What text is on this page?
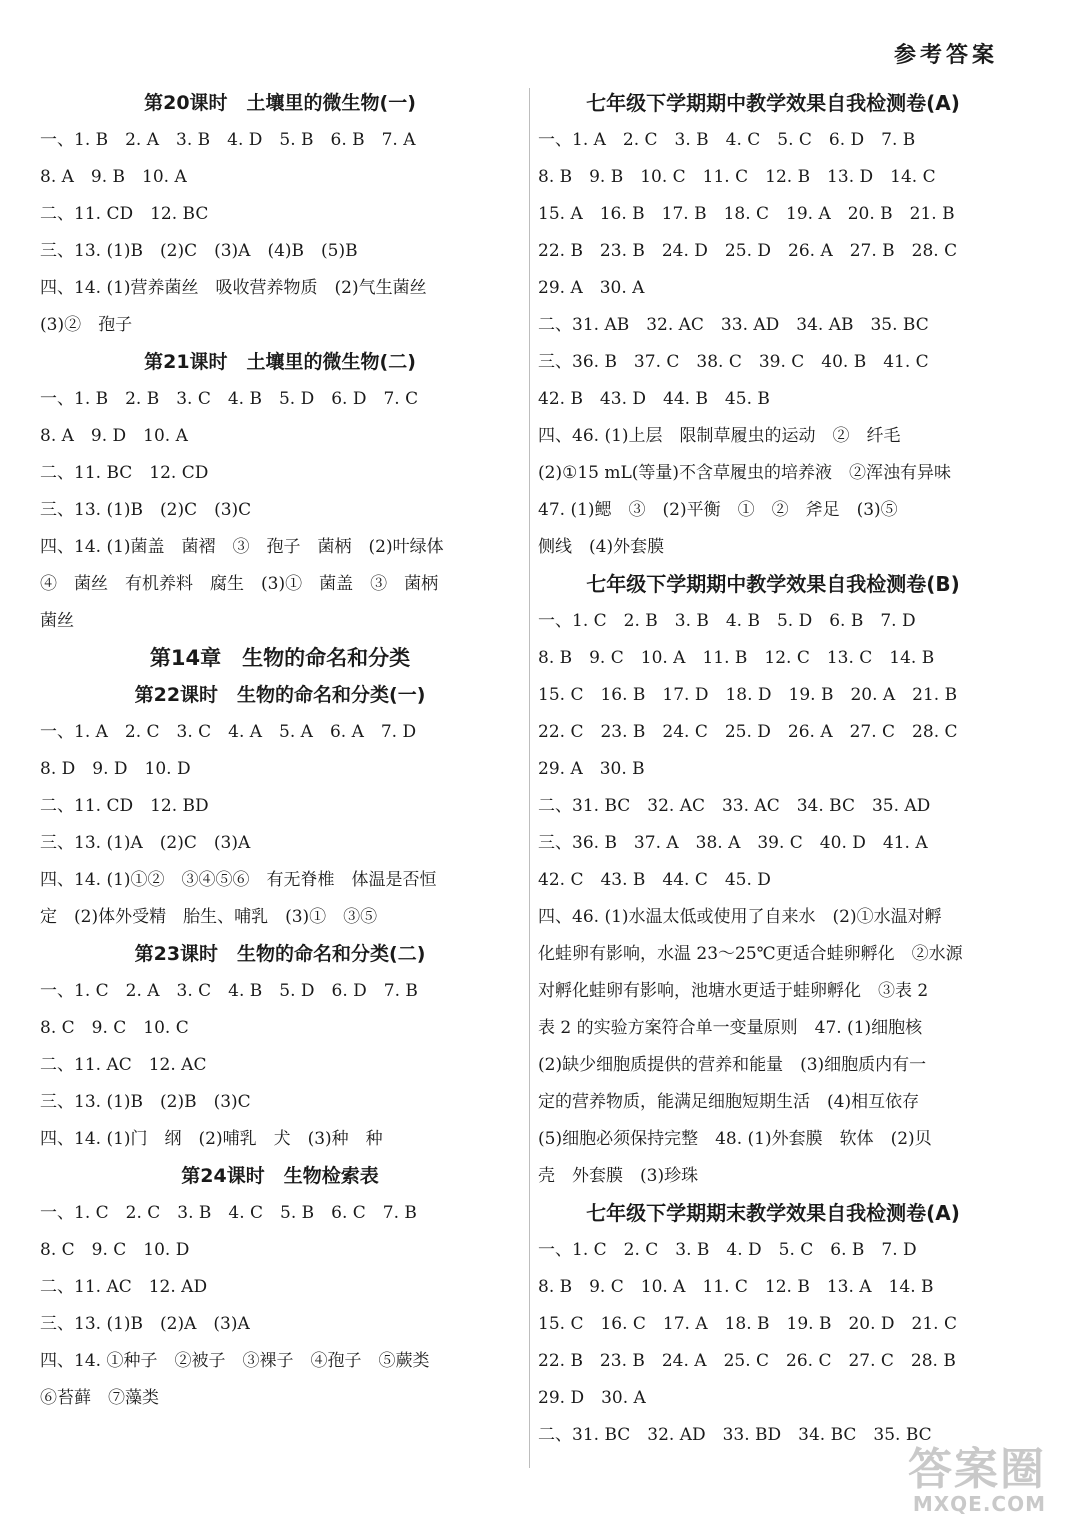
参考答案
第20课时　土壤里的微生物(一)
一、1. B　2. A　3. B　4. D　5. B　6. B　7. A
8. A　9. B　10. A
二、11. CD　12. BC
三、13. (1)B　(2)C　(3)A　(4)B　(5)B
四、14. (1)营养菌丝　吸收营养物质　(2)气生菌丝
(3)②　孢子
第21课时　土壤里的微生物(二)
一、1. B　2. B　3. C　4. B　5. D　6. D　7. C
8. A　9. D　10. A
二、11. BC　12. CD
三、13. (1)B　(2)C　(3)C
四、14. (1)菌盖　菌褶　③　孢子　菌柄　(2)叶绿体
④　菌丝　有机养料　腐生　(3)①　菌盖　③　菌柄
菌丝
第14章　生物的命名和分类
第22课时　生物的命名和分类(一)
一、1. A　2. C　3. C　4. A　5. A　6. A　7. D
8. D　9. D　10. D
二、11. CD　12. BD
三、13. (1)A　(2)C　(3)A
四、14. (1)①②　③④⑤⑥　有无脊椎　体温是否恒
定　(2)体外受精　胎生、哺乳　(3)①　③⑤
第23课时　生物的命名和分类(二)
一、1. C　2. A　3. C　4. B　5. D　6. D　7. B
8. C　9. C　10. C
二、11. AC　12. AC
三、13. (1)B　(2)B　(3)C
四、14. (1)门　纲　(2)哺乳　犬　(3)种　种
第24课时　生物检索表
一、1. C　2. C　3. B　4. C　5. B　6. C　7. B
8. C　9. C　10. D
二、11. AC　12. AD
三、13. (1)B　(2)A　(3)A
四、14. ①种子　②被子　③裸子　④孢子　⑤蕨类
⑥苔藓　⑦藻类
七年级下学期期中教学效果自我检测卷(A)
一、1. A　2. C　3. B　4. C　5. C　6. D　7. B
8. B　9. B　10. C　11. C　12. B　13. D　14. C
15. A　16. B　17. B　18. C　19. A　20. B　21. B
22. B　23. B　24. D　25. D　26. A　27. B　28. C
29. A　30. A
二、31. AB　32. AC　33. AD　34. AB　35. BC
三、36. B　37. C　38. C　39. C　40. B　41. C
42. B　43. D　44. B　45. B
四、46. (1)上层　限制草履虫的运动　②　纤毛
(2)①15 mL(等量)不含草履虫的培养液　②浑浊有异味
47. (1)鳃　③　(2)平衡　①　②　斧足　(3)⑤
侧线　(4)外套膜
七年级下学期期中教学效果自我检测卷(B)
一、1. C　2. B　3. B　4. B　5. D　6. B　7. D
8. B　9. C　10. A　11. B　12. C　13. C　14. B
15. C　16. B　17. D　18. D　19. B　20. A　21. B
22. C　23. B　24. C　25. D　26. A　27. C　28. C
29. A　30. B
二、31. BC　32. AC　33. AC　34. BC　35. AD
三、36. B　37. A　38. A　39. C　40. D　41. A
42. C　43. B　44. C　45. D
四、46. (1)水温太低或使用了自来水　(2)①水温对孵
化蛙卵有影响，水温 23～25℃更适合蛙卵孵化　②水源
对孵化蛙卵有影响，池塘水更适于蛙卵孵化　③表 2
表 2 的实验方案符合单一变量原则　47. (1)细胞核
(2)缺少细胞质提供的营养和能量　(3)细胞质内有一
定的营养物质，能满足细胞短期生活　(4)相互依存
(5)细胞必须保持完整　48. (1)外套膜　软体　(2)贝
壳　外套膜　(3)珍珠
七年级下学期期末教学效果自我检测卷(A)
一、1. C　2. C　3. B　4. D　5. C　6. B　7. D
8. B　9. C　10. A　11. C　12. B　13. A　14. B
15. C　16. C　17. A　18. B　19. B　20. D　21. C
22. B　23. B　24. A　25. C　26. C　27. C　28. B
29. D　30. A
二、31. BC　32. AD　33. BD　34. BC　35. BC
答案圈
MXQE.COM
